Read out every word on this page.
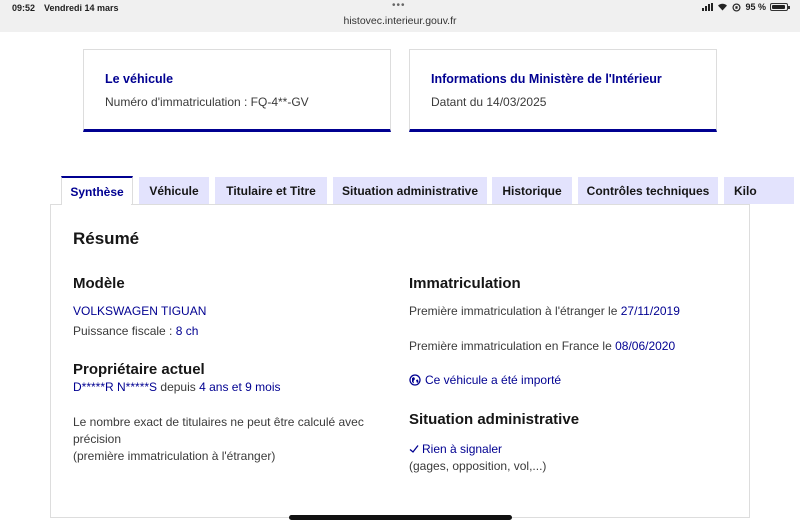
09:52 Vendredi 14 mars	•••
histovec.interieur.gouv.fr
95 %
Le véhicule
Numéro d'immatriculation : FQ-4**-GV
Informations du Ministère de l'Intérieur
Datant du 14/03/2025
Synthèse	Véhicule	Titulaire et Titre	Situation administrative	Historique	Contrôles techniques	Kilo
Résumé
Modèle
VOLKSWAGEN TIGUAN
Puissance fiscale : 8 ch
Propriétaire actuel
D*****R N*****S depuis 4 ans et 9 mois
Le nombre exact de titulaires ne peut être calculé avec
précision
(première immatriculation à l'étranger)
Immatriculation
Première immatriculation à l'étranger le 27/11/2019
Première immatriculation en France le 08/06/2020
Ce véhicule a été importé
Situation administrative
Rien à signaler
(gages, opposition, vol,...)
